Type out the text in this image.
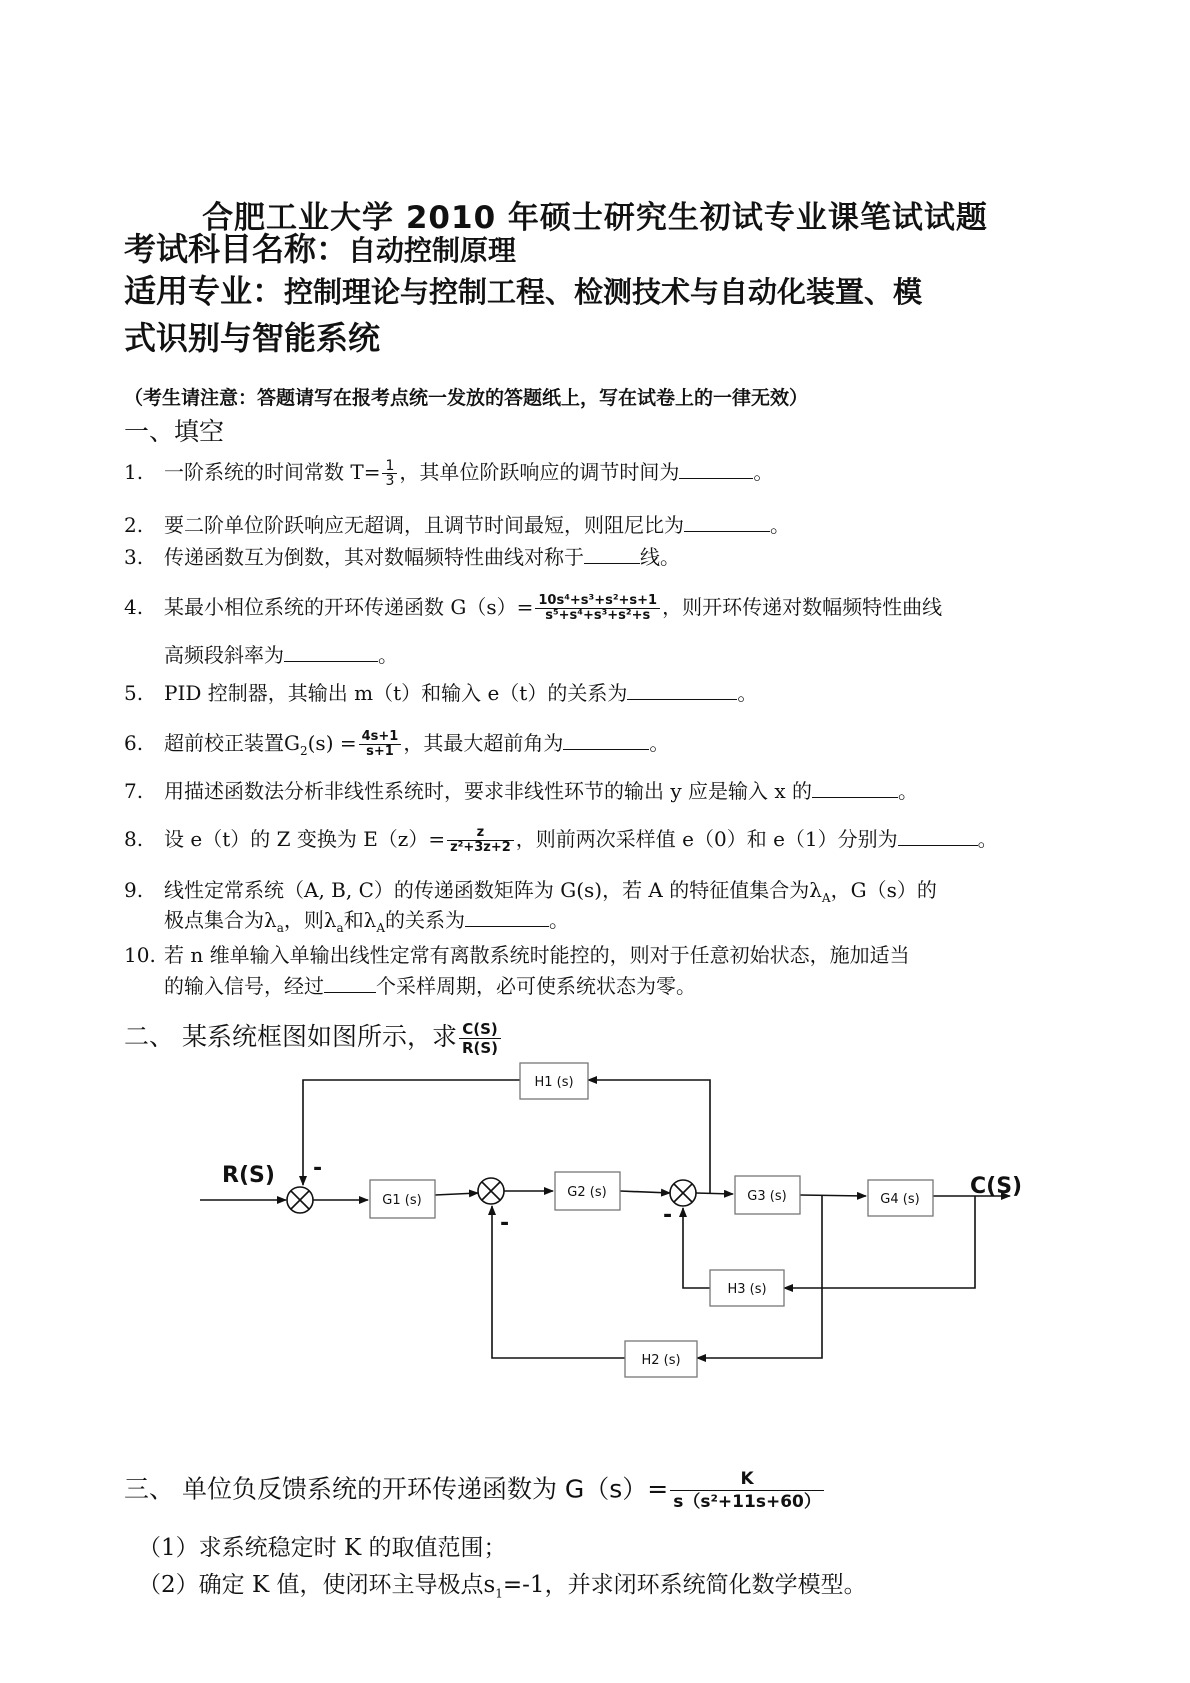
合肥工业大学 2010 年硕士研究生初试专业课笔试试题
考试科目名称：自动控制原理
适用专业：控制理论与控制工程、检测技术与自动化装置、模
式识别与智能系统
（考生请注意：答题请写在报考点统一发放的答题纸上，写在试卷上的一律无效）
一、填空
1. 一阶系统的时间常数 $T= \frac{1}{3}$ ，其单位阶跃响应的调节时间为	。
2. 要二阶单位阶跃响应无超调，且调节时间最短，则阻尼比为	。
3. 传递函数互为倒数，其对数幅频特性曲线对称于	线。
4. 某最小相位系统的开环传递函数 $G(s)= \frac{\text{10s⁴+s³+s²+s+1}}{\text{s⁵+s⁴+s³+s²+s}}$ ，则开环传递对数幅频特性曲线
高频段斜率为	。
5. PID 控制器，其输出 m（t）和输入 e（t）的关系为	。
6. 超前校正装置$G_2(s) = \frac{4s+1}{s+1}$ ，其最大超前角为	。
7. 用描述函数法分析非线性系统时，要求非线性环节的输出 y 应是输入 x 的	。
8. 设 e（t）的 Z 变换为 $E(z)= \frac{z}{\text{z²+3z+2}}$ ，则前两次采样值 e（0）和 e（1）分别为	。
9. 线性定常系统（A, B, C）的传递函数矩阵为 G(s)，若 A 的特征值集合为$\lambda_A$，G（s）的
极点集合为$\lambda_a$，则$\lambda_a$和$\lambda_A$的关系为	。
10. 若 n 维单输入单输出线性定常有离散系统时能控的，则对于任意初始状态，施加适当
的输入信号，经过	个采样周期，必可使系统状态为零。
二、 某系统框图如图所示，求 $\frac{C(S)}{R(S)}$
G1 (s)
G2 (s)	G3 (s)	G4 (s)
H1 (s)
H2 (s)
H3 (s)
R(S)	C(S)
-
-	-
三、 单位负反馈系统的开环传递函数为 $G(s)= \frac{K}{\text{s（s²+11s+60）}}$
（1）求系统稳定时 K 的取值范围；
（2）确定 K 值，使闭环主导极点$s_1=-1$，并求闭环系统简化数学模型。
